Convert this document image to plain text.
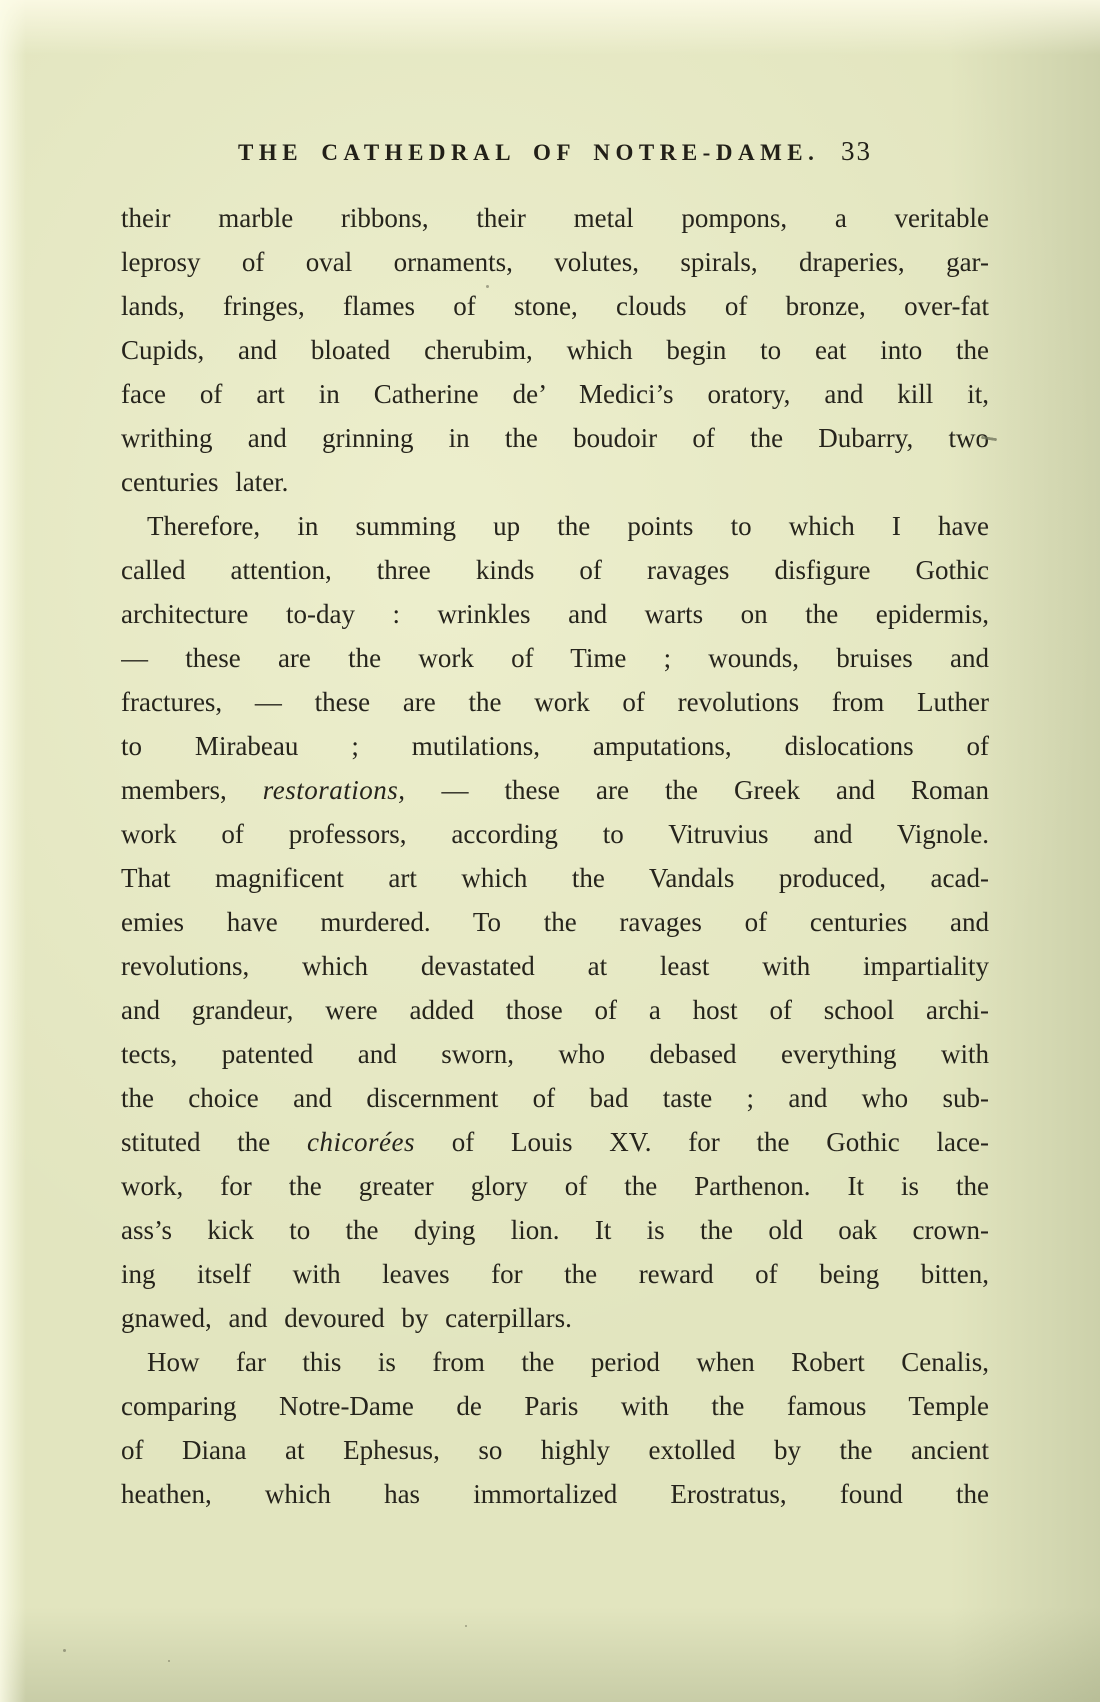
THE CATHEDRAL OF NOTRE-DAME. 33
their marble ribbons, their metal pompons, a veritable
leprosy of oval ornaments, volutes, spirals, draperies, gar-
lands, fringes, flames of stone, clouds of bronze, over-fat
Cupids, and bloated cherubim, which begin to eat into the
face of art in Catherine de’ Medici’s oratory, and kill it,
writhing and grinning in the boudoir of the Dubarry, two
centuries later.
Therefore, in summing up the points to which I have
called attention, three kinds of ravages disfigure Gothic
architecture to-day : wrinkles and warts on the epidermis,
— these are the work of Time ; wounds, bruises and
fractures, — these are the work of revolutions from Luther
to Mirabeau ; mutilations, amputations, dislocations of
members, restorations, — these are the Greek and Roman
work of professors, according to Vitruvius and Vignole.
That magnificent art which the Vandals produced, acad-
emies have murdered. To the ravages of centuries and
revolutions, which devastated at least with impartiality
and grandeur, were added those of a host of school archi-
tects, patented and sworn, who debased everything with
the choice and discernment of bad taste ; and who sub-
stituted the chicorées of Louis XV. for the Gothic lace-
work, for the greater glory of the Parthenon. It is the
ass’s kick to the dying lion. It is the old oak crown-
ing itself with leaves for the reward of being bitten,
gnawed, and devoured by caterpillars.
How far this is from the period when Robert Cenalis,
comparing Notre-Dame de Paris with the famous Temple
of Diana at Ephesus, so highly extolled by the ancient
heathen, which has immortalized Erostratus, found the
